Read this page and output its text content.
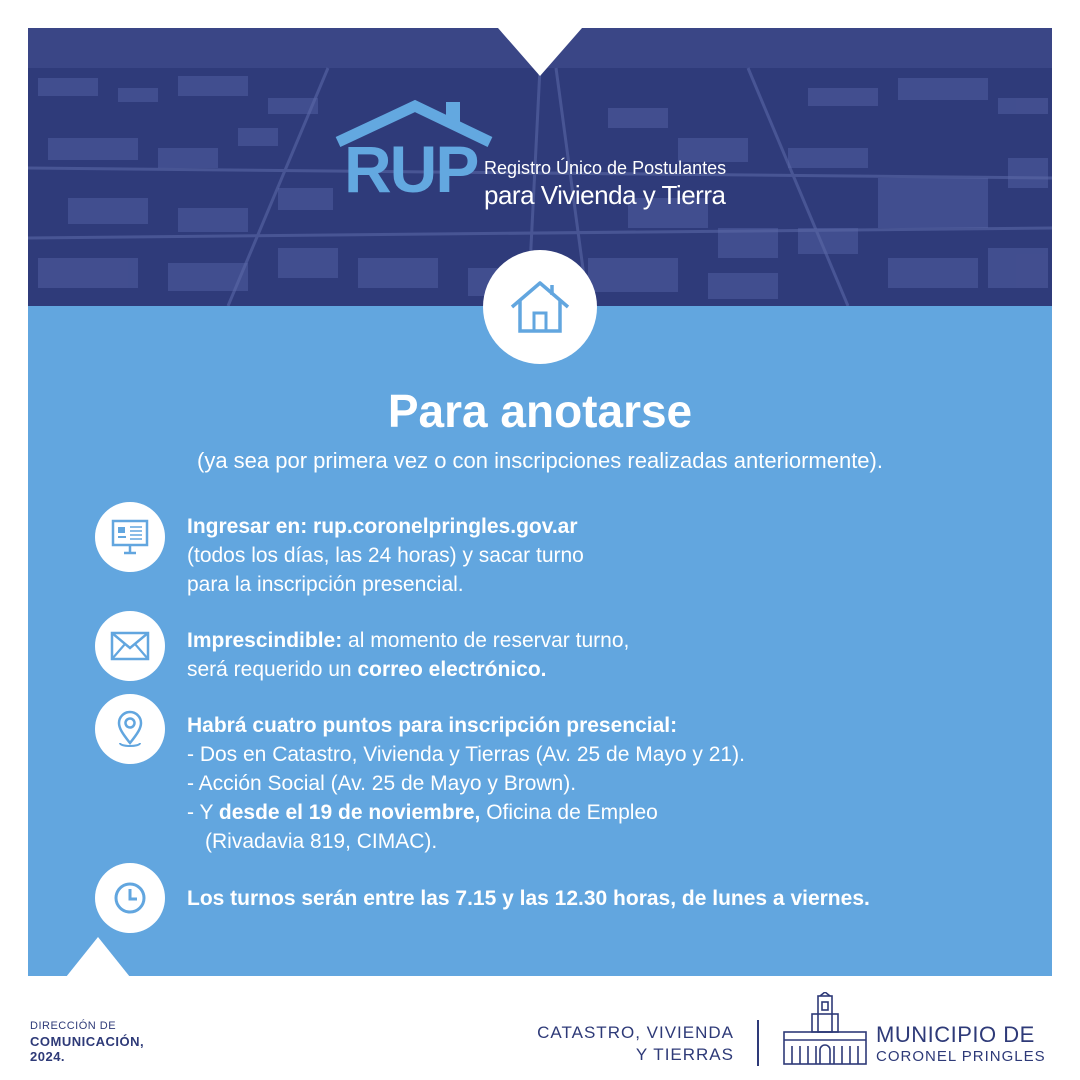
RUP Registro Único de Postulantes
para Vivienda y Tierra
Para anotarse
(ya sea por primera vez o con inscripciones realizadas anteriormente).
Ingresar en: rup.coronelpringles.gov.ar
(todos los días, las 24 horas) y sacar turno
para la inscripción presencial.
Imprescindible: al momento de reservar turno,
será requerido un correo electrónico.
Habrá cuatro puntos para inscripción presencial:
- Dos en Catastro, Vivienda y Tierras (Av. 25 de Mayo y 21).
- Acción Social (Av. 25 de Mayo y Brown).
- Y desde el 19 de noviembre, Oficina de Empleo
(Rivadavia 819, CIMAC).
Los turnos serán entre las 7.15 y las 12.30 horas, de lunes a viernes.
DIRECCIÓN DE
COMUNICACIÓN,
2024.
CATASTRO, VIVIENDA
Y TIERRAS
MUNICIPIO DE
CORONEL PRINGLES
